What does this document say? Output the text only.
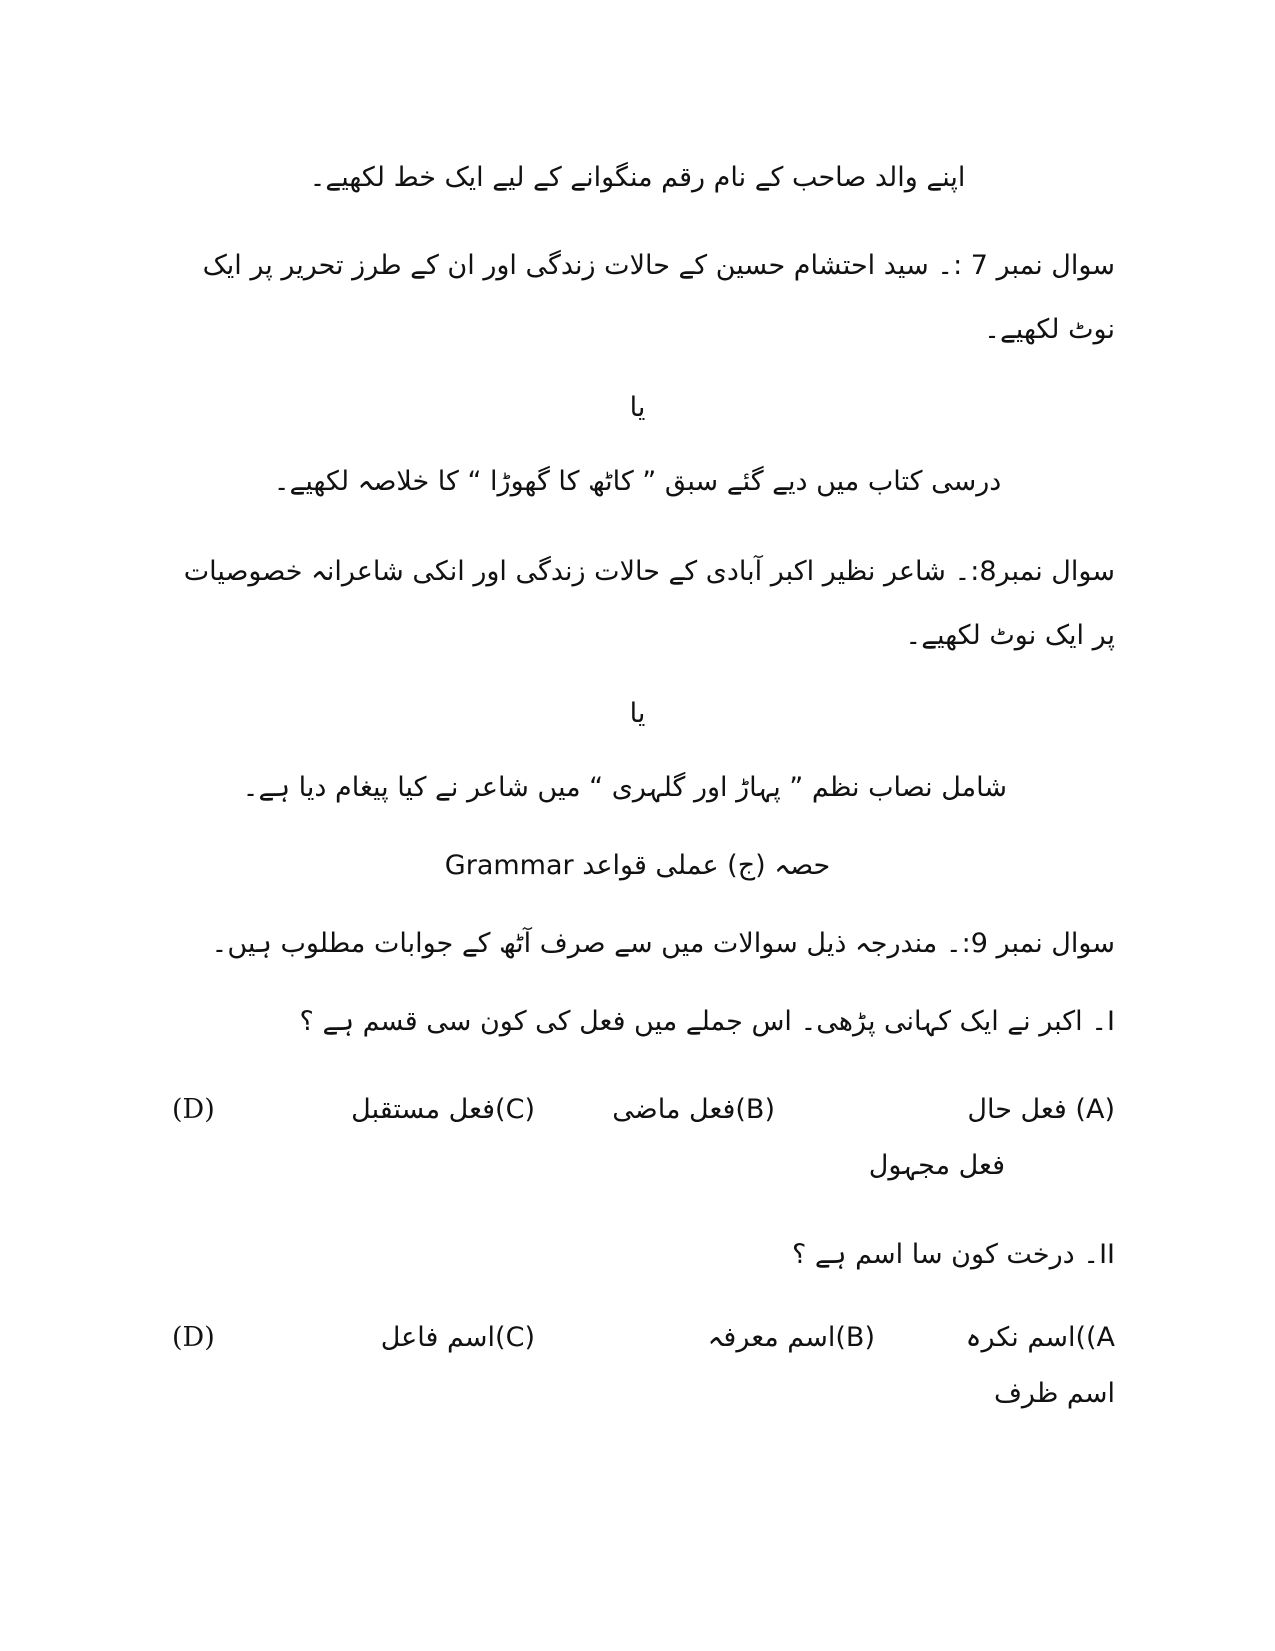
اپنے والد صاحب کے نام رقم منگوانے کے لیے ایک خط لکھیے۔
سوال نمبر 7 :۔ سید احتشام حسین کے حالات زندگی اور ان کے طرز تحریر پر ایک نوٹ لکھیے۔
یا
درسی کتاب میں دیے گئے سبق ” کاٹھ کا گھوڑا “ کا خلاصہ لکھیے۔
سوال نمبر8:۔ شاعر نظیر اکبر آبادی کے حالات زندگی اور انکی شاعرانہ خصوصیات پر ایک نوٹ لکھیے۔
یا
شامل نصاب نظم ” پہاڑ اور گلہری “ میں شاعر نے کیا پیغام دیا ہے۔
حصہ (ج) عملی قواعد Grammar
سوال نمبر 9:۔ مندرجہ ذیل سوالات میں سے صرف آٹھ کے جوابات مطلوب ہیں۔
I۔ اکبر نے ایک کہانی پڑھی۔ اس جملے میں فعل کی کون سی قسم ہے ؟
(A) فعل حال
(B)فعل ماضی
(C)فعل مستقبل
(D)
فعل مجہول
II۔ درخت کون سا اسم ہے ؟
A))اسم نکرہ
(B)اسم معرفہ
(C)اسم فاعل
(D)
اسم ظرف
